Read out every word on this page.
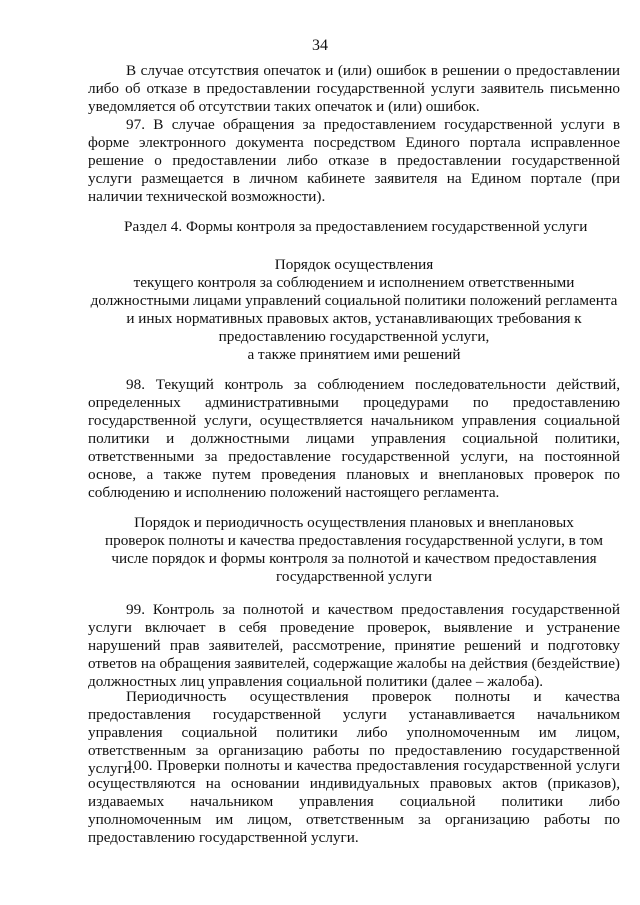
34
В случае отсутствия опечаток и (или) ошибок в решении о предоставлении либо об отказе в предоставлении государственной услуги заявитель письменно уведомляется об отсутствии таких опечаток и (или) ошибок.
97. В случае обращения за предоставлением государственной услуги в форме электронного документа посредством Единого портала исправленное решение о предоставлении либо отказе в предоставлении государственной услуги размещается в личном кабинете заявителя на Едином портале (при наличии технической возможности).
Раздел 4. Формы контроля за предоставлением государственной услуги

Порядок осуществления

текущего контроля за соблюдением и исполнением ответственными

должностными лицами управлений социальной политики положений регламента

и иных нормативных правовых актов, устанавливающих требования к

предоставлению государственной услуги,

а также принятием ими решений

98. Текущий контроль за соблюдением последовательности действий, определенных административными процедурами по предоставлению государственной услуги, осуществляется начальником управления социальной политики и должностными лицами управления социальной политики, ответственными за предоставление государственной услуги, на постоянной основе, а также путем проведения плановых и внеплановых проверок по соблюдению и исполнению положений настоящего регламента.

Порядок и периодичность осуществления плановых и внеплановых

проверок полноты и качества предоставления государственной услуги, в том

числе порядок и формы контроля за полнотой и качеством предоставления

государственной услуги

99. Контроль за полнотой и качеством предоставления государственной услуги включает в себя проведение проверок, выявление и устранение нарушений прав заявителей, рассмотрение, принятие решений и подготовку ответов на обращения заявителей, содержащие жалобы на действия (бездействие) должностных лиц управления социальной политики (далее – жалоба).
Периодичность осуществления проверок полноты и качества предоставления государственной услуги устанавливается начальником управления социальной политики либо уполномоченным им лицом, ответственным за организацию работы по предоставлению государственной услуги.
100. Проверки полноты и качества предоставления государственной услуги осуществляются на основании индивидуальных правовых актов (приказов), издаваемых начальником управления социальной политики либо уполномоченным им лицом, ответственным за организацию работы по предоставлению государственной услуги.
